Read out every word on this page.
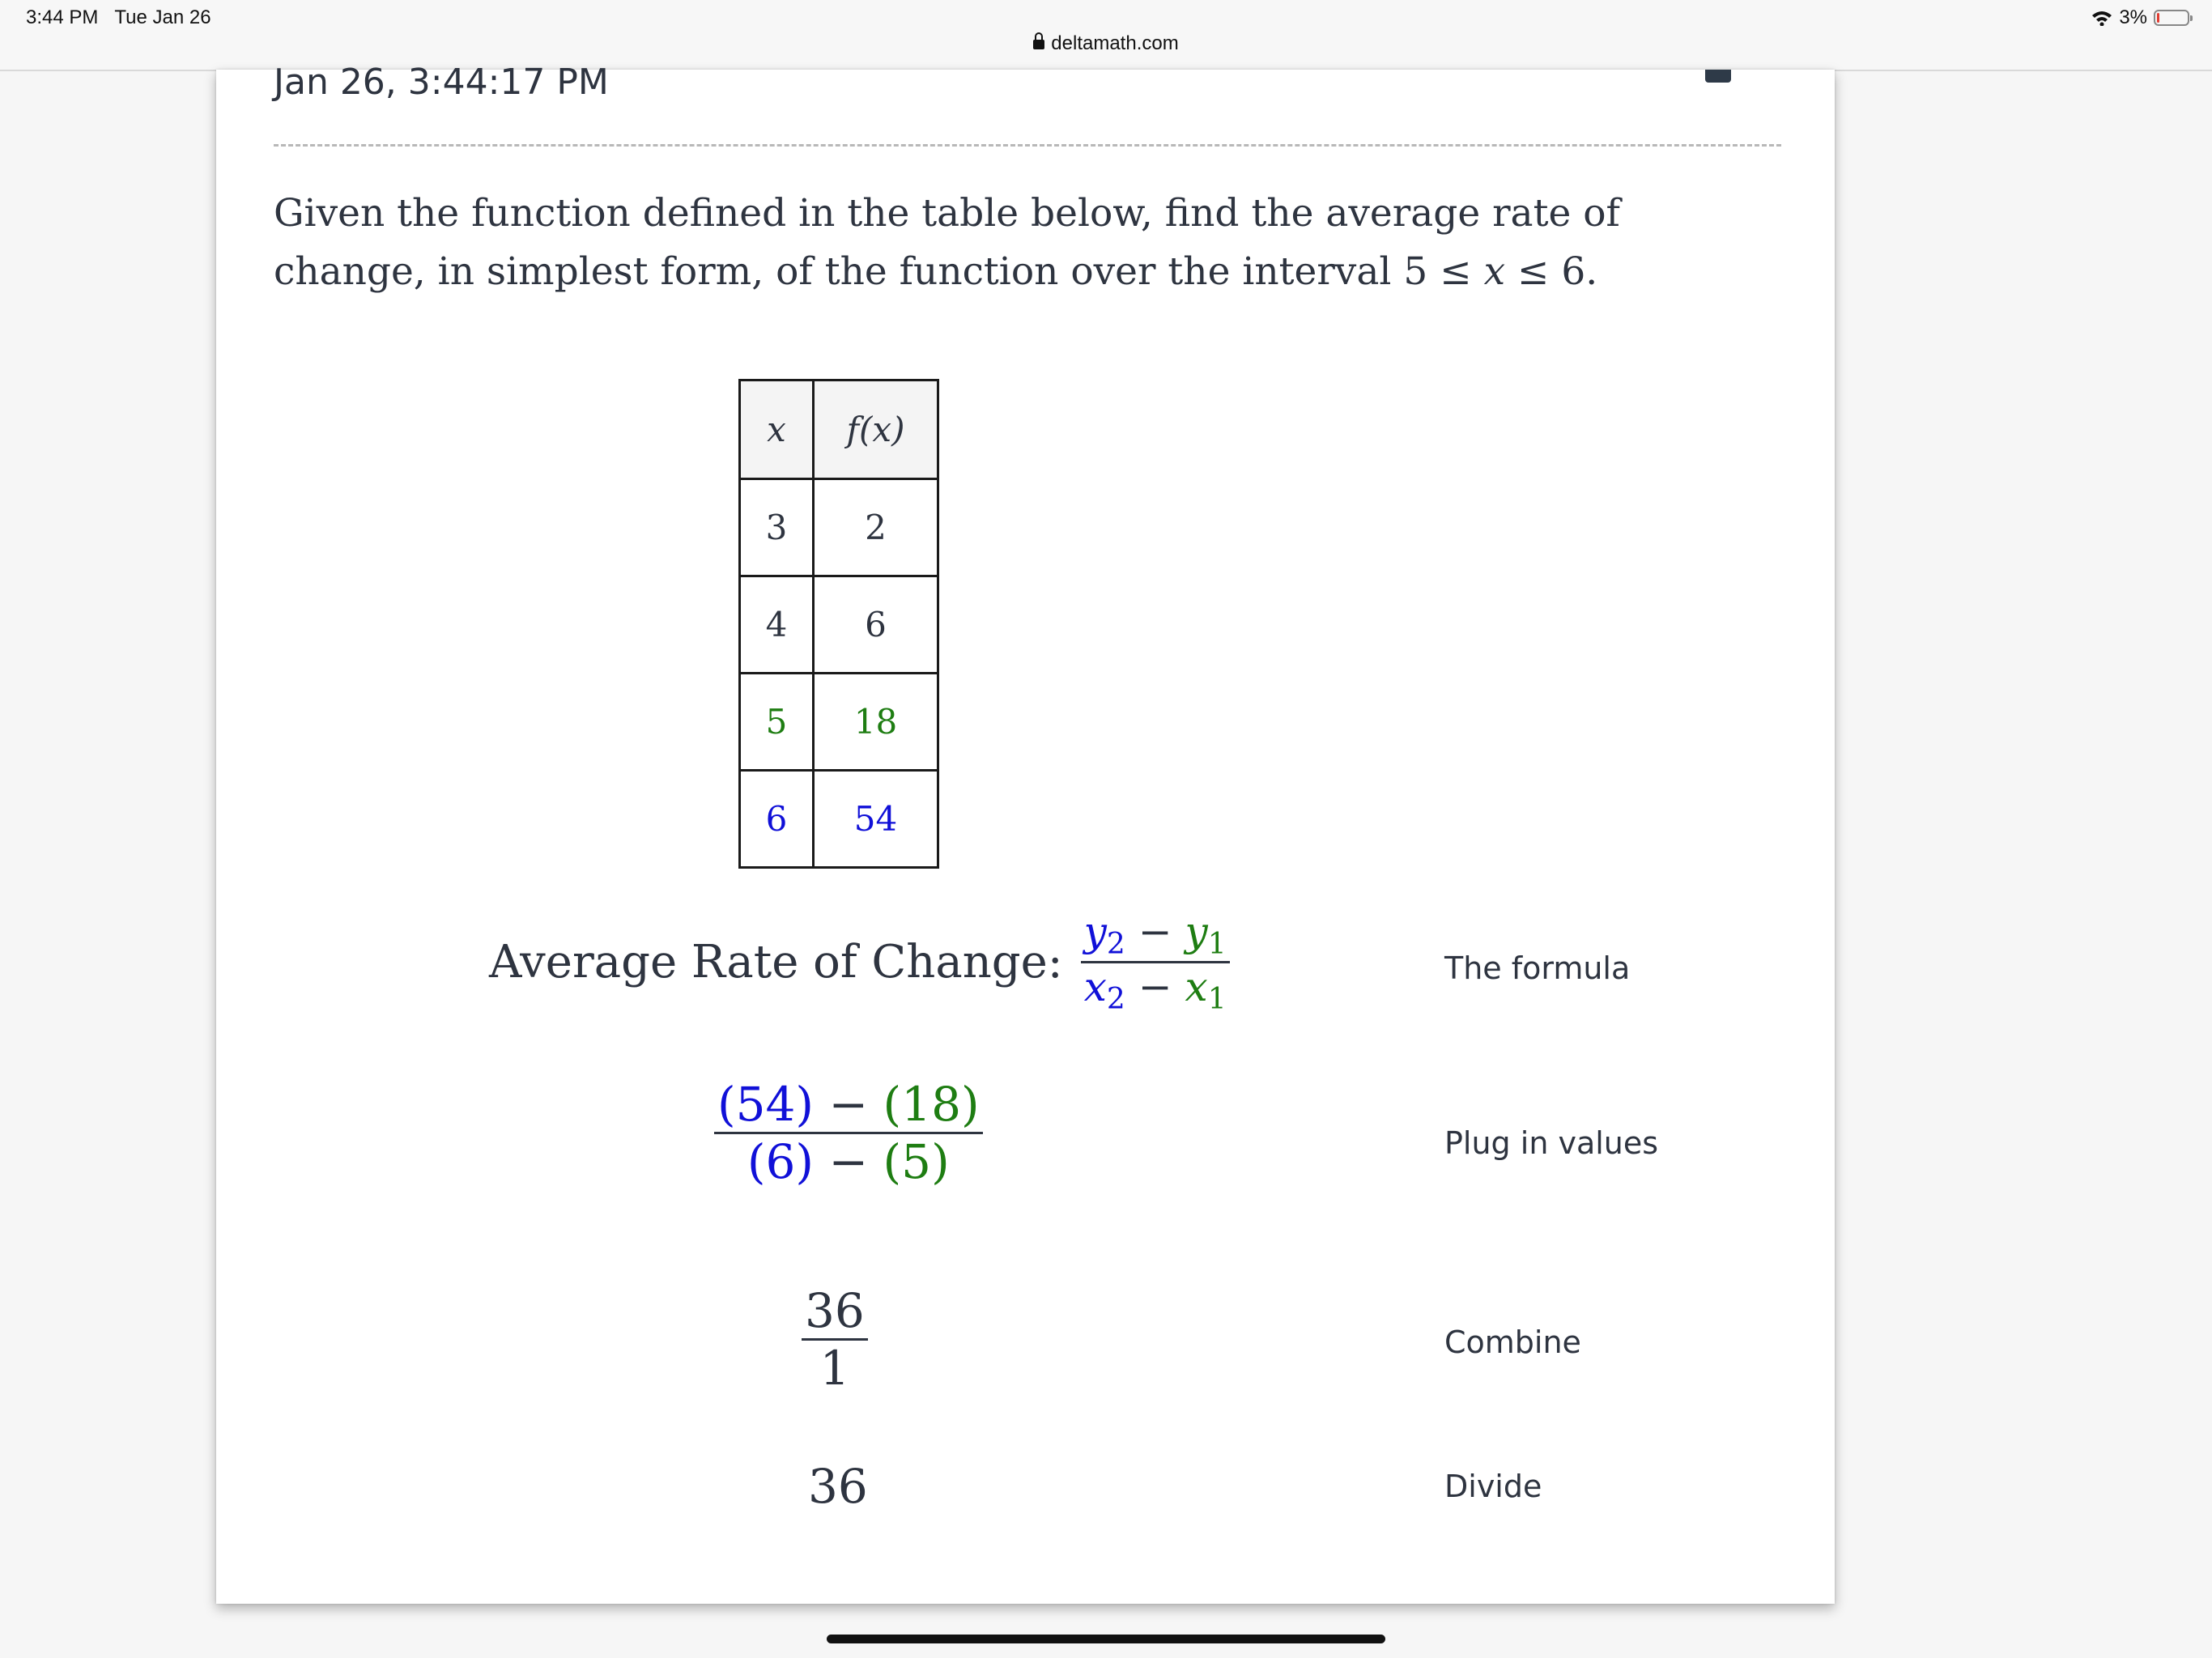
3:44 PM Tue Jan 26
deltamath.com
3%
Jan 26, 3:44:17 PM
Given the function defined in the table below, find the average rate of change, in simplest form, of the function over the interval 5 ≤ x ≤ 6.
x	f(x)
3	2
4	6
5	18
6	54
Average Rate of Change: $\frac{y_2 - y_1}{x_2 - x_1}$
$\frac{(54) - (18)}{(6) - (5)}$
$\frac{36}{1}$
36
The formula
Plug in values
Combine
Divide
